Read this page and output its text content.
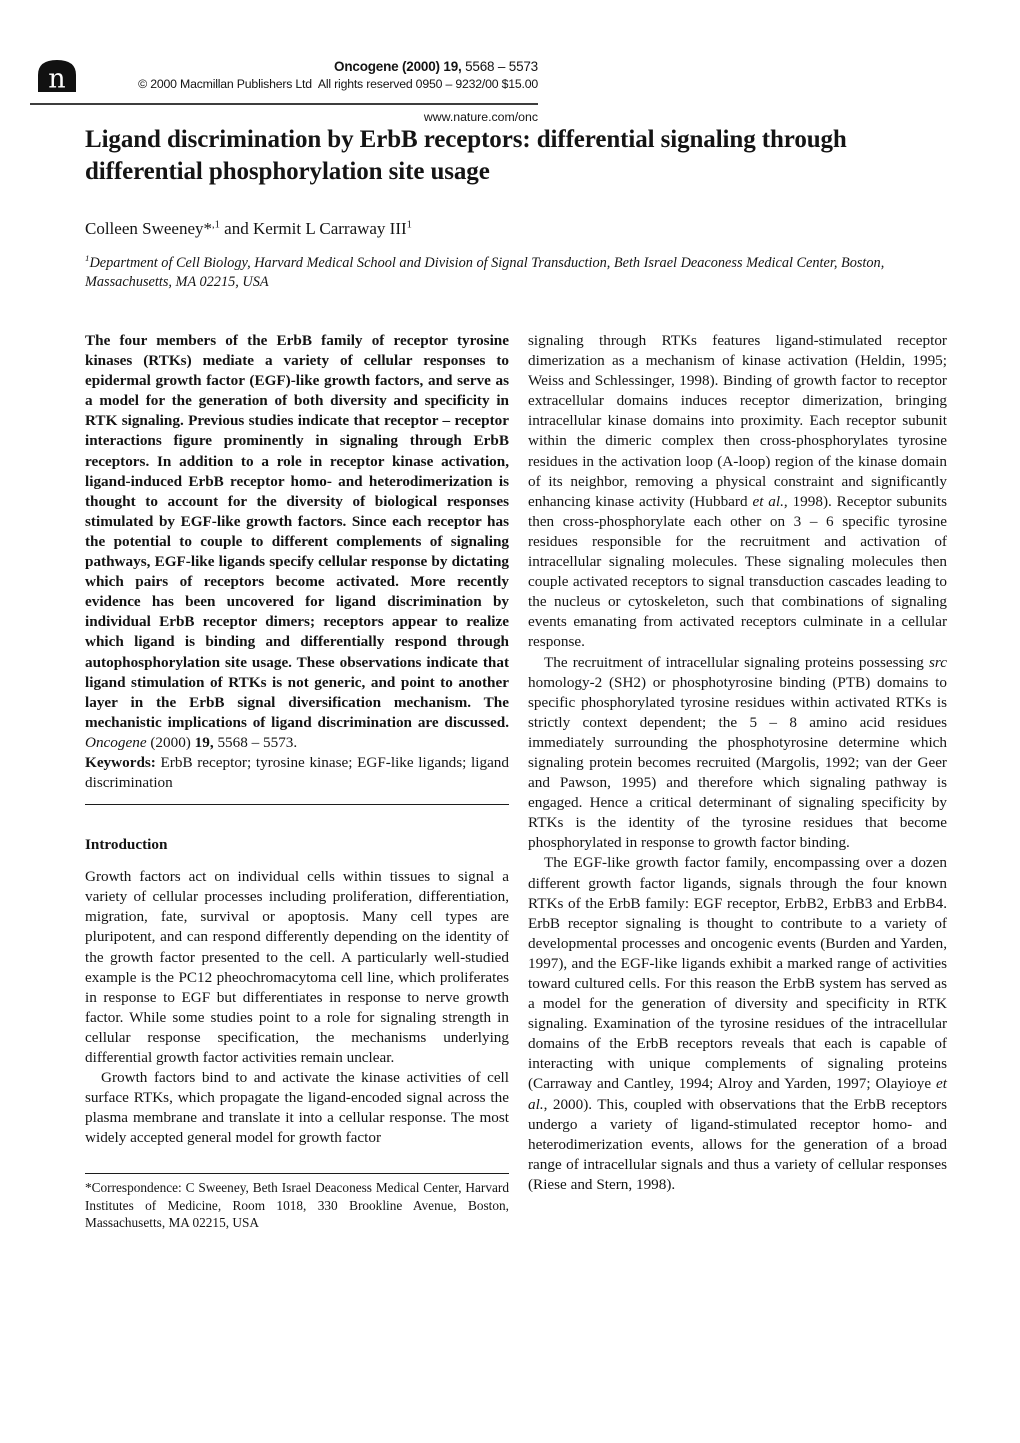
n	Oncogene (2000) 19, 5568 – 5573
© 2000 Macmillan Publishers Ltd All rights reserved 0950 – 9232/00 $15.00
www.nature.com/onc
Ligand discrimination by ErbB receptors: differential signaling through differential phosphorylation site usage
Colleen Sweeney*$^{,1}$ and Kermit L Carraway III$^1$
$^1$Department of Cell Biology, Harvard Medical School and Division of Signal Transduction, Beth Israel Deaconess Medical Center, Boston, Massachusetts, MA 02215, USA

The four members of the ErbB family of receptor tyrosine kinases (RTKs) mediate a variety of cellular responses to epidermal growth factor (EGF)-like growth factors, and serve as a model for the generation of both diversity and specificity in RTK signaling. Previous studies indicate that receptor – receptor interactions figure prominently in signaling through ErbB receptors. In addition to a role in receptor kinase activation, ligand-induced ErbB receptor homo- and heterodimerization is thought to account for the diversity of biological responses stimulated by EGF-like growth factors. Since each receptor has the potential to couple to different complements of signaling pathways, EGF-like ligands specify cellular response by dictating which pairs of receptors become activated. More recently evidence has been uncovered for ligand discrimination by individual ErbB receptor dimers; receptors appear to realize which ligand is binding and differentially respond through autophosphorylation site usage. These observations indicate that ligand stimulation of RTKs is not generic, and point to another layer in the ErbB signal diversification mechanism. The mechanistic implications of ligand discrimination are discussed. Oncogene (2000) 19, 5568 – 5573.

Keywords: ErbB receptor; tyrosine kinase; EGF-like ligands; ligand discrimination

Introduction

Growth factors act on individual cells within tissues to signal a variety of cellular processes including proliferation, differentiation, migration, fate, survival or apoptosis. Many cell types are pluripotent, and can respond differently depending on the identity of the growth factor presented to the cell. A particularly well-studied example is the PC12 pheochromacytoma cell line, which proliferates in response to EGF but differentiates in response to nerve growth factor. While some studies point to a role for signaling strength in cellular response specification, the mechanisms underlying differential growth factor activities remain unclear.

Growth factors bind to and activate the kinase activities of cell surface RTKs, which propagate the ligand-encoded signal across the plasma membrane and translate it into a cellular response. The most widely accepted general model for growth factor

*Correspondence: C Sweeney, Beth Israel Deaconess Medical Center, Harvard Institutes of Medicine, Room 1018, 330 Brookline Avenue, Boston, Massachusetts, MA 02215, USA

signaling through RTKs features ligand-stimulated receptor dimerization as a mechanism of kinase activation (Heldin, 1995; Weiss and Schlessinger, 1998). Binding of growth factor to receptor extracellular domains induces receptor dimerization, bringing intracellular kinase domains into proximity. Each receptor subunit within the dimeric complex then cross-phosphorylates tyrosine residues in the activation loop (A-loop) region of the kinase domain of its neighbor, removing a physical constraint and significantly enhancing kinase activity (Hubbard et al., 1998). Receptor subunits then cross-phosphorylate each other on 3 – 6 specific tyrosine residues responsible for the recruitment and activation of intracellular signaling molecules. These signaling molecules then couple activated receptors to signal transduction cascades leading to the nucleus or cytoskeleton, such that combinations of signaling events emanating from activated receptors culminate in a cellular response.

The recruitment of intracellular signaling proteins possessing src homology-2 (SH2) or phosphotyrosine binding (PTB) domains to specific phosphorylated tyrosine residues within activated RTKs is strictly context dependent; the 5 – 8 amino acid residues immediately surrounding the phosphotyrosine determine which signaling protein becomes recruited (Margolis, 1992; van der Geer and Pawson, 1995) and therefore which signaling pathway is engaged. Hence a critical determinant of signaling specificity by RTKs is the identity of the tyrosine residues that become phosphorylated in response to growth factor binding.

The EGF-like growth factor family, encompassing over a dozen different growth factor ligands, signals through the four known RTKs of the ErbB family: EGF receptor, ErbB2, ErbB3 and ErbB4. ErbB receptor signaling is thought to contribute to a variety of developmental processes and oncogenic events (Burden and Yarden, 1997), and the EGF-like ligands exhibit a marked range of activities toward cultured cells. For this reason the ErbB system has served as a model for the generation of diversity and specificity in RTK signaling. Examination of the tyrosine residues of the intracellular domains of the ErbB receptors reveals that each is capable of interacting with unique complements of signaling proteins (Carraway and Cantley, 1994; Alroy and Yarden, 1997; Olayioye et al., 2000). This, coupled with observations that the ErbB receptors undergo a variety of ligand-stimulated receptor homo- and heterodimerization events, allows for the generation of a broad range of intracellular signals and thus a variety of cellular responses (Riese and Stern, 1998).
